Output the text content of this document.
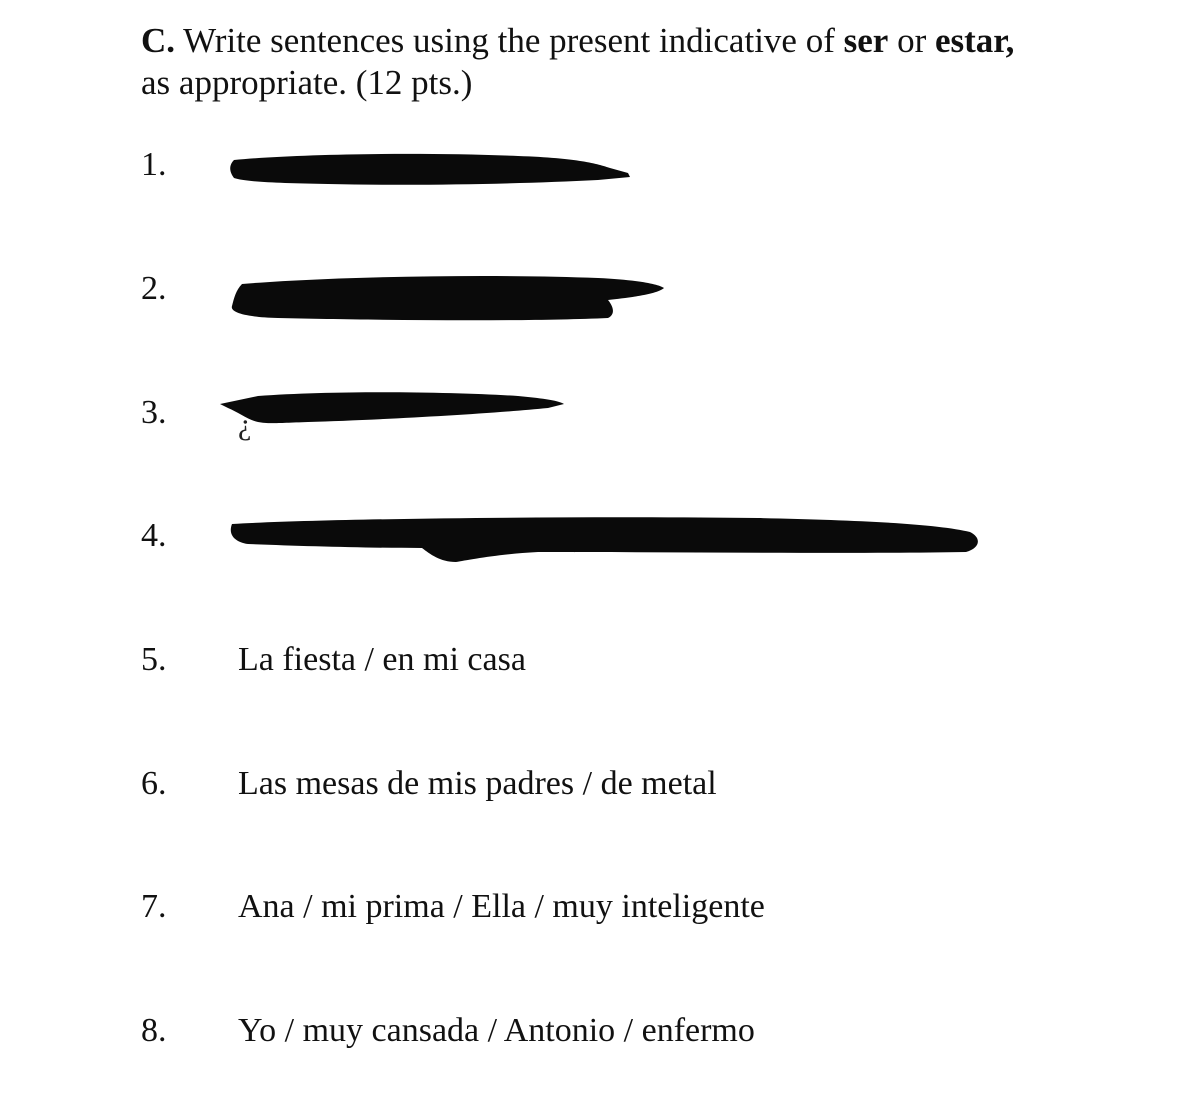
C. Write sentences using the present indicative of ser or estar,
as appropriate. (12 pts.)
1.
2.
3. ¿
4.
5. La fiesta / en mi casa
6. Las mesas de mis padres / de metal
7. Ana / mi prima / Ella / muy inteligente
8. Yo / muy cansada / Antonio / enfermo
